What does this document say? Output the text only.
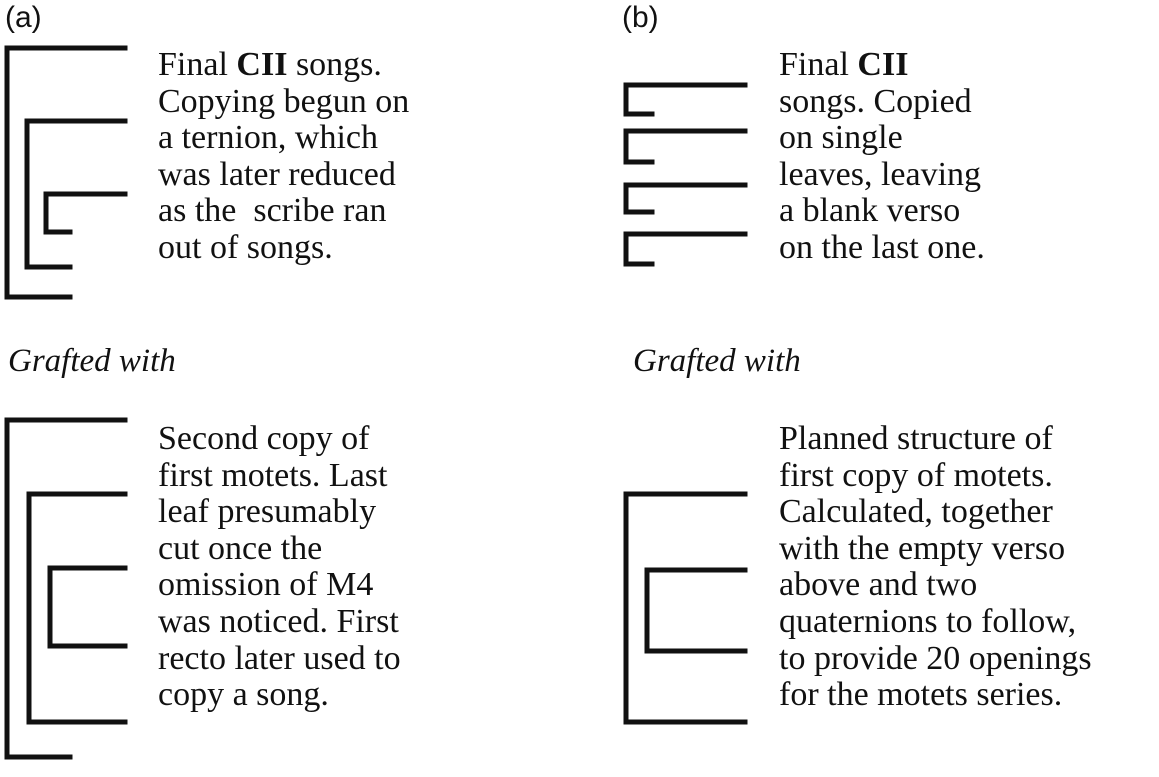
(a)	(b)
Final CII songs.
Copying begun on
a ternion, which
was later reduced
as the  scribe ran
out of songs.
Final CII
songs. Copied
on single
leaves, leaving
a blank verso
on the last one.
Grafted with	Grafted with
Second copy of
first motets. Last
leaf presumably
cut once the
omission of M4
was noticed. First
recto later used to
copy a song.
Planned structure of
first copy of motets.
Calculated, together
with the empty verso
above and two
quaternions to follow,
to provide 20 openings
for the motets series.
